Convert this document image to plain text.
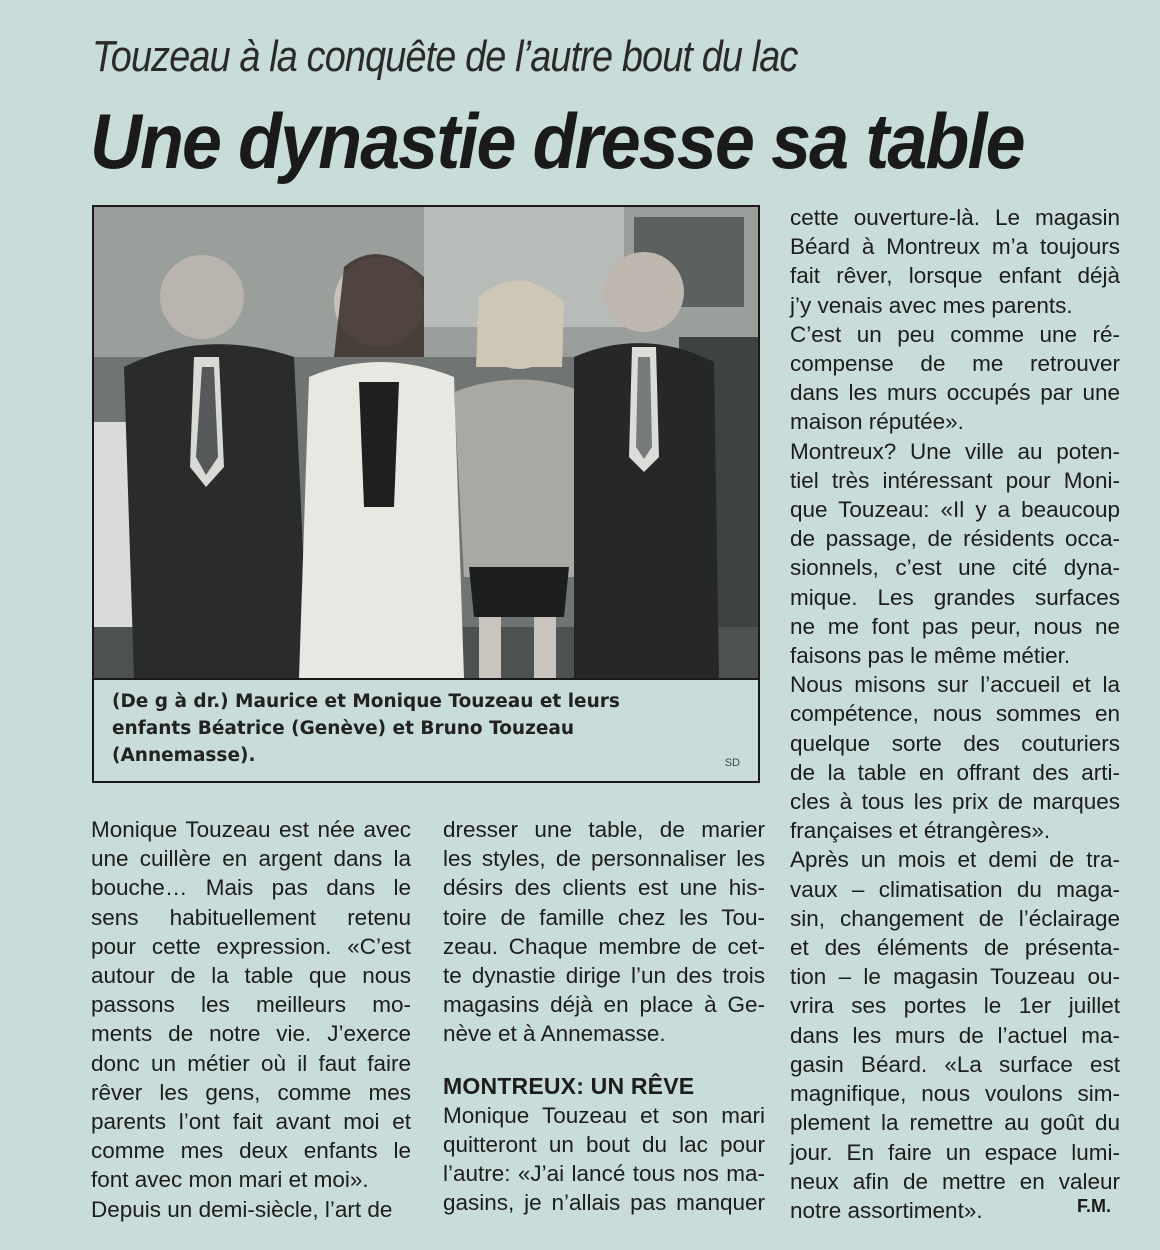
Touzeau à la conquête de l’autre bout du lac
Une dynastie dresse sa table
(De g à dr.) Maurice et Monique Touzeau et leurs
enfants Béatrice (Genève) et Bruno Touzeau
(Annemasse).	SD
Monique Touzeau est née avec
une cuillère en argent dans la
bouche… Mais pas dans le
sens habituellement retenu
pour cette expression. «C’est
autour de la table que nous
passons les meilleurs mo-
ments de notre vie. J’exerce
donc un métier où il faut faire
rêver les gens, comme mes
parents l’ont fait avant moi et
comme mes deux enfants le
font avec mon mari et moi».
Depuis un demi-siècle, l’art de
dresser une table, de marier
les styles, de personnaliser les
désirs des clients est une his-
toire de famille chez les Tou-
zeau. Chaque membre de cet-
te dynastie dirige l’un des trois
magasins déjà en place à Ge-
nève et à Annemasse.
MONTREUX: UN RÊVE
Monique Touzeau et son mari
quitteront un bout du lac pour
l’autre: «J’ai lancé tous nos ma-
gasins, je n’allais pas manquer
cette ouverture-là. Le magasin
Béard à Montreux m’a toujours
fait rêver, lorsque enfant déjà
j’y venais avec mes parents.
C’est un peu comme une ré-
compense de me retrouver
dans les murs occupés par une
maison réputée».
Montreux? Une ville au poten-
tiel très intéressant pour Moni-
que Touzeau: «Il y a beaucoup
de passage, de résidents occa-
sionnels, c’est une cité dyna-
mique. Les grandes surfaces
ne me font pas peur, nous ne
faisons pas le même métier.
Nous misons sur l’accueil et la
compétence, nous sommes en
quelque sorte des couturiers
de la table en offrant des arti-
cles à tous les prix de marques
françaises et étrangères».
Après un mois et demi de tra-
vaux – climatisation du maga-
sin, changement de l’éclairage
et des éléments de présenta-
tion – le magasin Touzeau ou-
vrira ses portes le 1er juillet
dans les murs de l’actuel ma-
gasin Béard. «La surface est
magnifique, nous voulons sim-
plement la remettre au goût du
jour. En faire un espace lumi-
neux afin de mettre en valeur
notre assortiment».	F.M.
